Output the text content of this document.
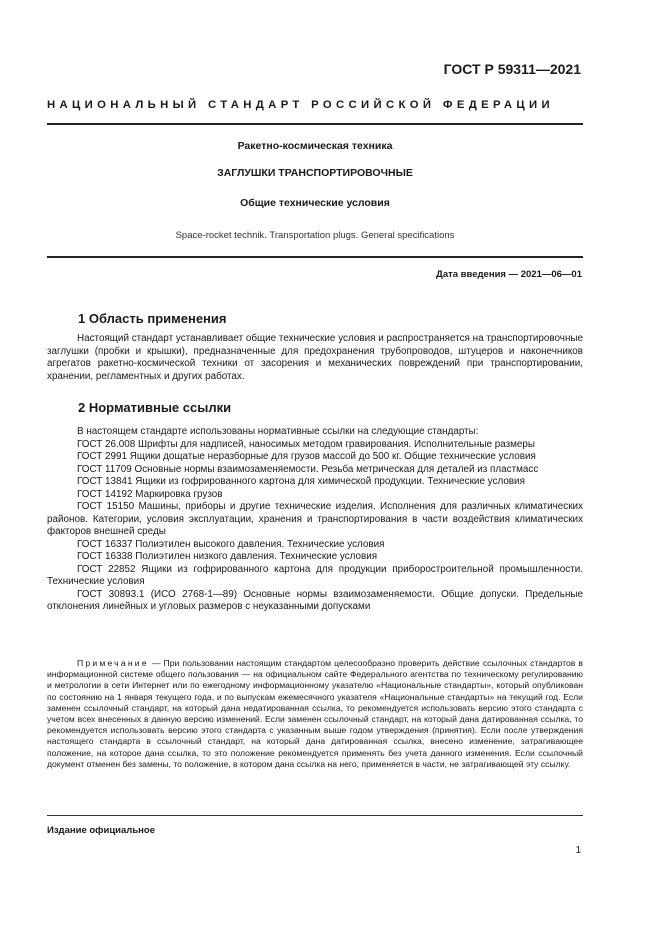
ГОСТ Р 59311—2021
НАЦИОНАЛЬНЫЙ СТАНДАРТ РОССИЙСКОЙ ФЕДЕРАЦИИ
Ракетно-космическая техника
ЗАГЛУШКИ ТРАНСПОРТИРОВОЧНЫЕ
Общие технические условия
Space-rocket technik. Transportation plugs. General specifications
Дата введения — 2021—06—01
1 Область применения

Настоящий стандарт устанавливает общие технические условия и распространяется на транспортировочные заглушки (пробки и крышки), предназначенные для предохранения трубопроводов, штуцеров и наконечников агрегатов ракетно-космической техники от засорения и механических повреждений при транспортировании, хранении, регламентных и других работах.

2 Нормативные ссылки

В настоящем стандарте использованы нормативные ссылки на следующие стандарты:

ГОСТ 26.008 Шрифты для надписей, наносимых методом гравирования. Исполнительные размеры

ГОСТ 2991 Ящики дощатые неразборные для грузов массой до 500 кг. Общие технические условия

ГОСТ 11709 Основные нормы взаимозаменяемости. Резьба метрическая для деталей из пластмасс

ГОСТ 13841 Ящики из гофрированного картона для химической продукции. Технические условия

ГОСТ 14192 Маркировка грузов

ГОСТ 15150 Машины, приборы и другие технические изделия. Исполнения для различных климатических районов. Категории, условия эксплуатации, хранения и транспортирования в части воздействия климатических факторов внешней среды

ГОСТ 16337 Полиэтилен высокого давления. Технические условия

ГОСТ 16338 Полиэтилен низкого давления. Технические условия

ГОСТ 22852 Ящики из гофрированного картона для продукции приборостроительной промышленности. Технические условия

ГОСТ 30893.1 (ИСО 2768-1—89) Основные нормы взаимозаменяемости. Общие допуски. Предельные отклонения линейных и угловых размеров с неуказанными допусками

Примечание — При пользовании настоящим стандартом целесообразно проверить действие ссылочных стандартов в информационной системе общего пользования — на официальном сайте Федерального агентства по техническому регулированию и метрологии в сети Интернет или по ежегодному информационному указателю «Национальные стандарты», который опубликован по состоянию на 1 января текущего года, и по выпускам ежемесячного указателя «Национальные стандарты» на текущий год. Если заменен ссылочный стандарт, на который дана недатированная ссылка, то рекомендуется использовать версию этого стандарта с учетом всех внесенных в данную версию изменений. Если заменен ссылочный стандарт, на который дана датированная ссылка, то рекомендуется использовать версию этого стандарта с указанным выше годом утверждения (принятия). Если после утверждения настоящего стандарта в ссылочный стандарт, на который дана датированная ссылка, внесено изменение, затрагивающее положение, на которое дана ссылка, то это положение рекомендуется применять без учета данного изменения. Если ссылочный документ отменен без замены, то положение, в котором дана ссылка на него, применяется в части, не затрагивающей эту ссылку.
Издание официальное
1
